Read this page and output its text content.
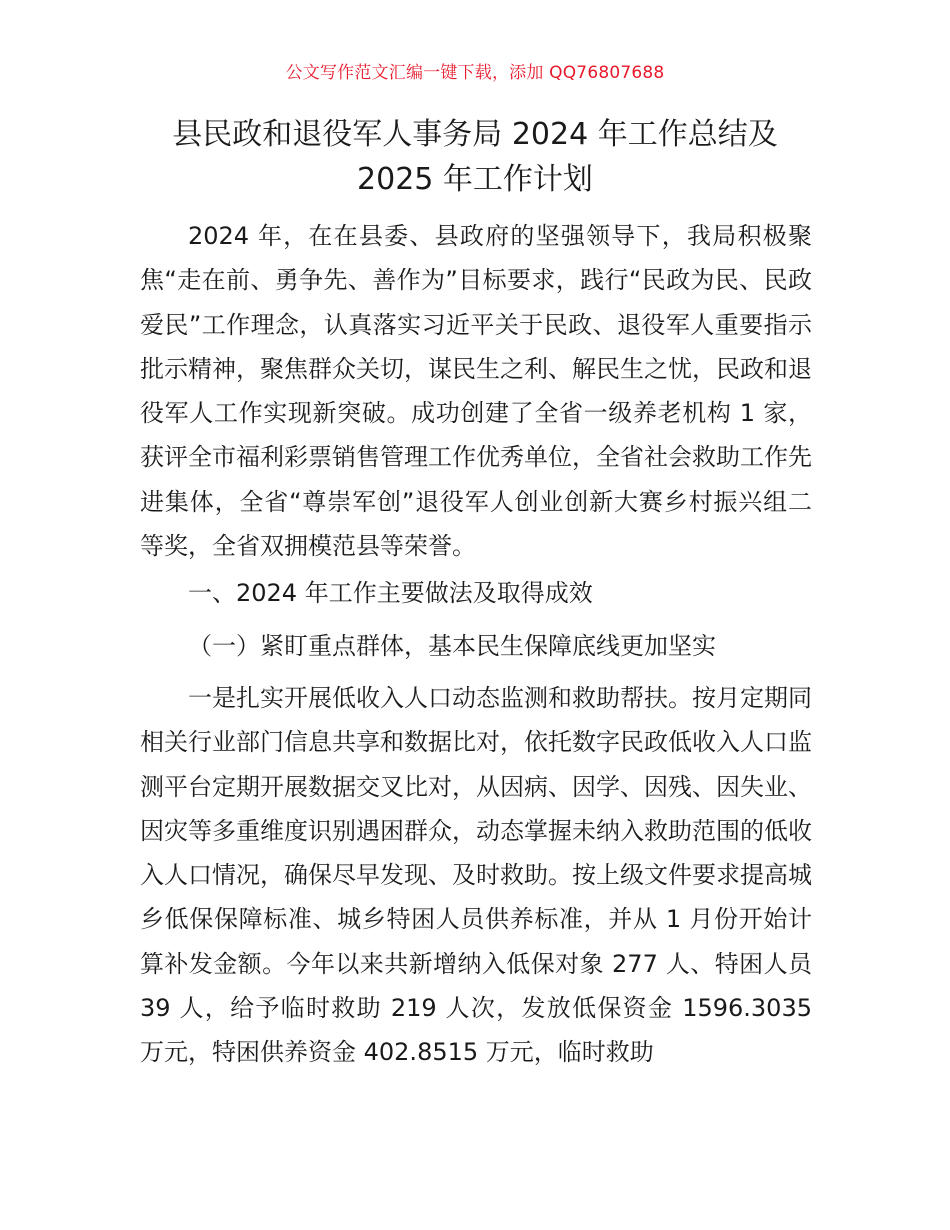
公文写作范文汇编一键下载，添加 QQ76807688
县民政和退役军人事务局 2024 年工作总结及
2025 年工作计划

2024 年，在在县委、县政府的坚强领导下，我局积极聚焦“走在前、勇争先、善作为”目标要求，践行“民政为民、民政爱民”工作理念，认真落实习近平关于民政、退役军人重要指示批示精神，聚焦群众关切，谋民生之利、解民生之忧，民政和退役军人工作实现新突破。成功创建了全省一级养老机构 1 家，获评全市福利彩票销售管理工作优秀单位，全省社会救助工作先进集体，全省“尊崇军创”退役军人创业创新大赛乡村振兴组二等奖，全省双拥模范县等荣誉。

一、2024 年工作主要做法及取得成效

（一）紧盯重点群体，基本民生保障底线更加坚实

一是扎实开展低收入人口动态监测和救助帮扶。按月定期同相关行业部门信息共享和数据比对，依托数字民政低收入人口监测平台定期开展数据交叉比对，从因病、因学、因残、因失业、因灾等多重维度识别遇困群众，动态掌握未纳入救助范围的低收入人口情况，确保尽早发现、及时救助。按上级文件要求提高城乡低保保障标准、城乡特困人员供养标准，并从 1 月份开始计算补发金额。今年以来共新增纳入低保对象 277 人、特困人员 39 人，给予临时救助 219 人次，发放低保资金 1596.3035 万元，特困供养资金 402.8515 万元，临时救助
